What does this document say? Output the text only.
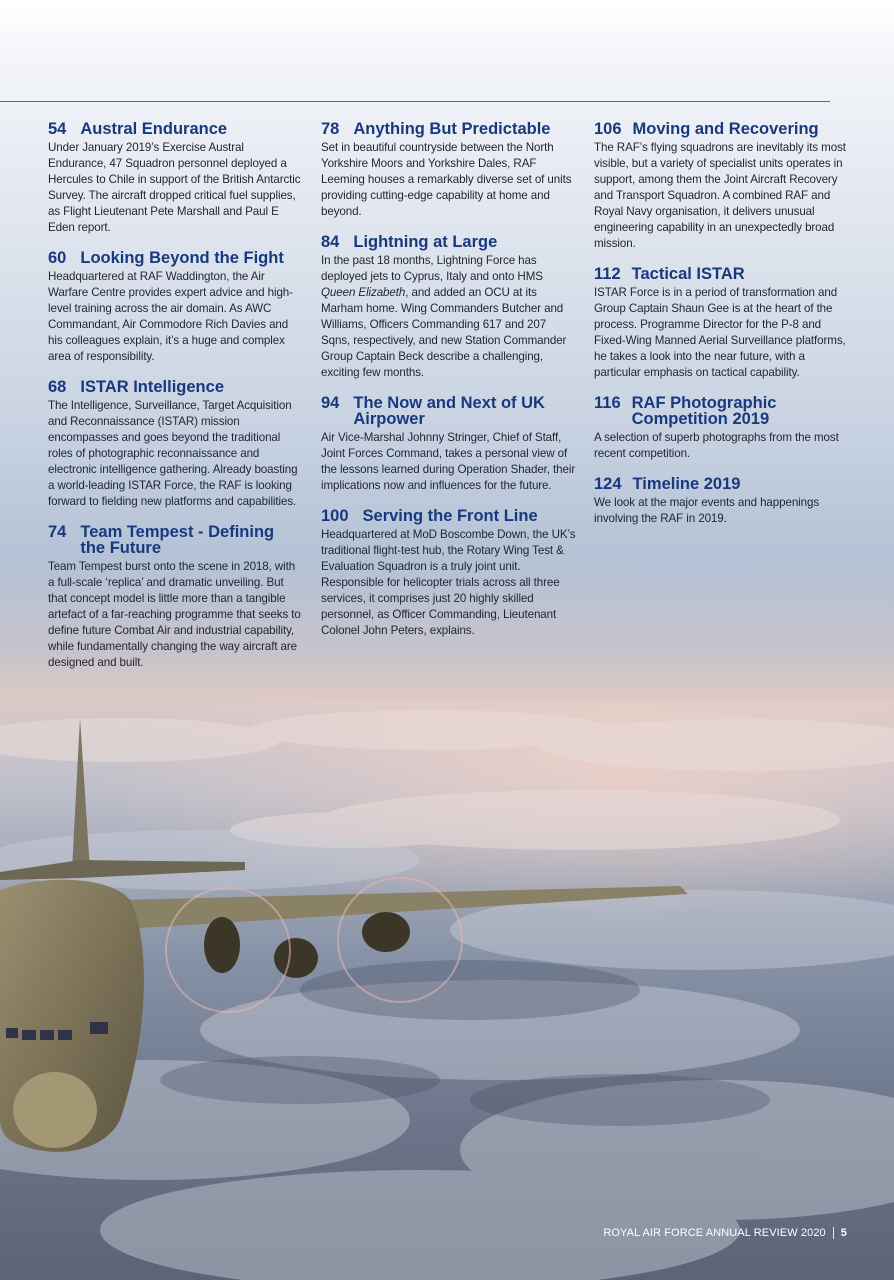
54 Austral Endurance
Under January 2019’s Exercise Austral Endurance, 47 Squadron personnel deployed a Hercules to Chile in support of the British Antarctic Survey. The aircraft dropped critical fuel supplies, as Flight Lieutenant Pete Marshall and Paul E Eden report.
60 Looking Beyond the Fight
Headquartered at RAF Waddington, the Air Warfare Centre provides expert advice and high-level training across the air domain. As AWC Commandant, Air Commodore Rich Davies and his colleagues explain, it’s a huge and complex area of responsibility.
68 ISTAR Intelligence
The Intelligence, Surveillance, Target Acquisition and Reconnaissance (ISTAR) mission encompasses and goes beyond the traditional roles of photographic reconnaissance and electronic intelligence gathering. Already boasting a world-leading ISTAR Force, the RAF is looking forward to fielding new platforms and capabilities.
74 Team Tempest - Defining the Future
Team Tempest burst onto the scene in 2018, with a full-scale ‘replica’ and dramatic unveiling. But that concept model is little more than a tangible artefact of a far-reaching programme that seeks to define future Combat Air and industrial capability, while fundamentally changing the way aircraft are designed and built.
78 Anything But Predictable
Set in beautiful countryside between the North Yorkshire Moors and Yorkshire Dales, RAF Leeming houses a remarkably diverse set of units providing cutting-edge capability at home and beyond.
84 Lightning at Large
In the past 18 months, Lightning Force has deployed jets to Cyprus, Italy and onto HMS Queen Elizabeth, and added an OCU at its Marham home. Wing Commanders Butcher and Williams, Officers Commanding 617 and 207 Sqns, respectively, and new Station Commander Group Captain Beck describe a challenging, exciting few months.
94 The Now and Next of UK Airpower
Air Vice-Marshal Johnny Stringer, Chief of Staff, Joint Forces Command, takes a personal view of the lessons learned during Operation Shader, their implications now and influences for the future.
100 Serving the Front Line
Headquartered at MoD Boscombe Down, the UK’s traditional flight-test hub, the Rotary Wing Test & Evaluation Squadron is a truly joint unit. Responsible for helicopter trials across all three services, it comprises just 20 highly skilled personnel, as Officer Commanding, Lieutenant Colonel John Peters, explains.
106 Moving and Recovering
The RAF’s flying squadrons are inevitably its most visible, but a variety of specialist units operates in support, among them the Joint Aircraft Recovery and Transport Squadron. A combined RAF and Royal Navy organisation, it delivers unusual engineering capability in an unexpectedly broad mission.
112 Tactical ISTAR
ISTAR Force is in a period of transformation and Group Captain Shaun Gee is at the heart of the process. Programme Director for the P-8 and Fixed-Wing Manned Aerial Surveillance platforms, he takes a look into the near future, with a particular emphasis on tactical capability.
116 RAF Photographic Competition 2019
A selection of superb photographs from the most recent competition.
124 Timeline 2019
We look at the major events and happenings involving the RAF in 2019.
ROYAL AIR FORCE ANNUAL REVIEW 2020 5
